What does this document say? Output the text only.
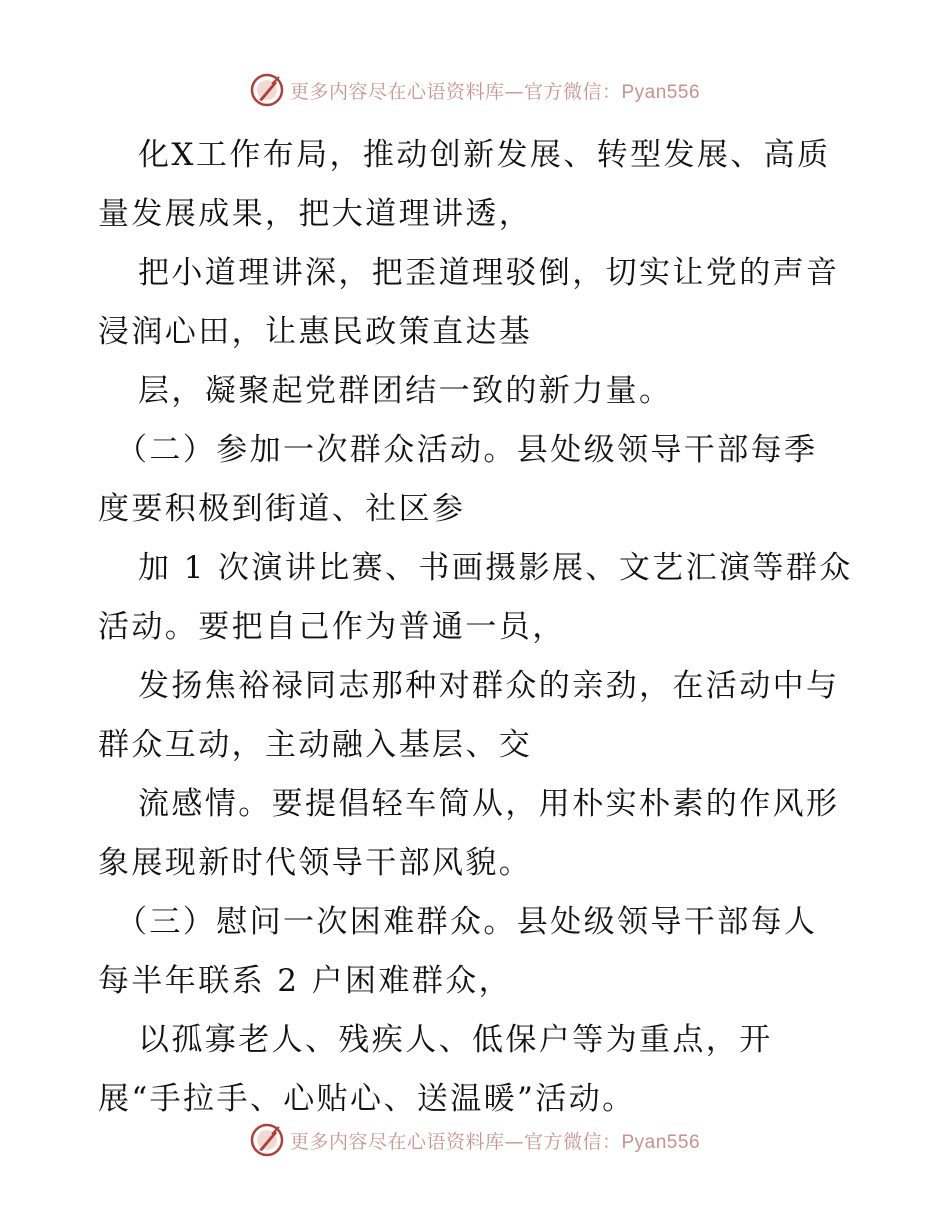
更多内容尽在心语资料库—官方微信：Pyan556
化X工作布局，推动创新发展、转型发展、高质
量发展成果，把大道理讲透，
把小道理讲深，把歪道理驳倒，切实让党的声音
浸润心田，让惠民政策直达基
层，凝聚起党群团结一致的新力量。
（二）参加一次群众活动。县处级领导干部每季
度要积极到街道、社区参
加 1 次演讲比赛、书画摄影展、文艺汇演等群众
活动。要把自己作为普通一员，
发扬焦裕禄同志那种对群众的亲劲，在活动中与
群众互动，主动融入基层、交
流感情。要提倡轻车简从，用朴实朴素的作风形
象展现新时代领导干部风貌。
（三）慰问一次困难群众。县处级领导干部每人
每半年联系 2 户困难群众，
以孤寡老人、残疾人、低保户等为重点，开
展“手拉手、心贴心、送温暖”活动。
更多内容尽在心语资料库—官方微信：Pyan556
